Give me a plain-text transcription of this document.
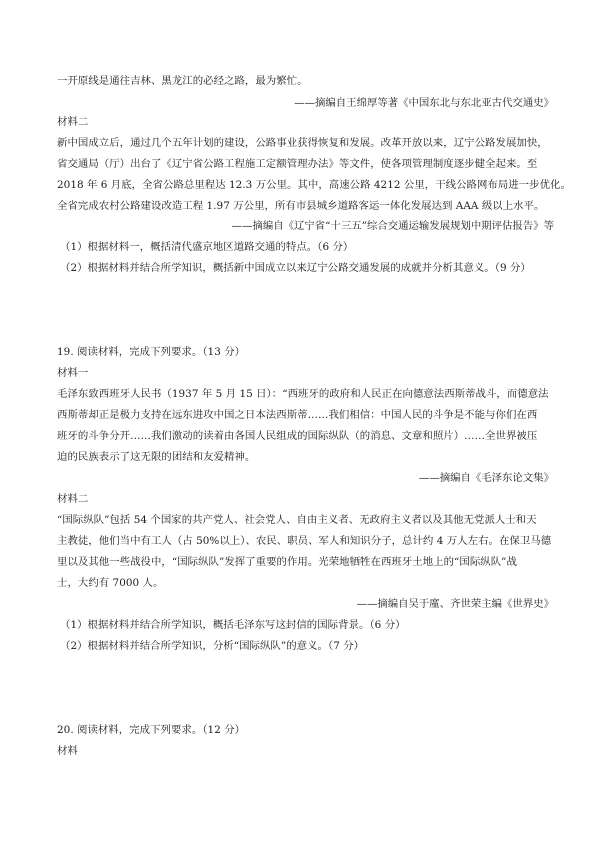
一开原线是通往吉林、黑龙江的必经之路，最为繁忙。
——摘编自王绵厚等著《中国东北与东北亚古代交通史》
材料二
新中国成立后，通过几个五年计划的建设，公路事业获得恢复和发展。改革开放以来，辽宁公路发展加快，
省交通局（厅）出台了《辽宁省公路工程施工定额管理办法》等文件，使各项管理制度逐步健全起来。至
2018 年 6 月底，全省公路总里程达 12.3 万公里。其中，高速公路 4212 公里，干线公路网布局进一步优化。
全省完成农村公路建设改造工程 1.97 万公里，所有市县城乡道路客运一体化发展达到 AAA 级以上水平。
——摘编自《辽宁省“十三五”综合交通运输发展规划中期评估报告》等
（1）根据材料一，概括清代盛京地区道路交通的特点。（6 分）
（2）根据材料并结合所学知识，概括新中国成立以来辽宁公路交通发展的成就并分析其意义。（9 分）
19. 阅读材料，完成下列要求。（13 分）
材料一
毛泽东致西班牙人民书（1937 年 5 月 15 日）：“西班牙的政府和人民正在向德意法西斯蒂战斗，而德意法
西斯蒂却正是极力支持在远东进攻中国之日本法西斯蒂……我们相信：中国人民的斗争是不能与你们在西
班牙的斗争分开……我们激动的读着由各国人民组成的国际纵队（的消息、文章和照片）……全世界被压
迫的民族表示了这无限的团结和友爱精神。
——摘编自《毛泽东论文集》
材料二
“国际纵队”包括 54 个国家的共产党人、社会党人、自由主义者、无政府主义者以及其他无党派人士和天
主教徒，他们当中有工人（占 50%以上）、农民、职员、军人和知识分子，总计约 4 万人左右。在保卫马德
里以及其他一些战役中，“国际纵队”发挥了重要的作用。光荣地牺牲在西班牙土地上的“国际纵队”战
士，大约有 7000 人。
——摘编自吴于廑、齐世荣主编《世界史》
（1）根据材料并结合所学知识，概括毛泽东写这封信的国际背景。（6 分）
（2）根据材料并结合所学知识，分析“国际纵队”的意义。（7 分）
20. 阅读材料，完成下列要求。（12 分）
材料
